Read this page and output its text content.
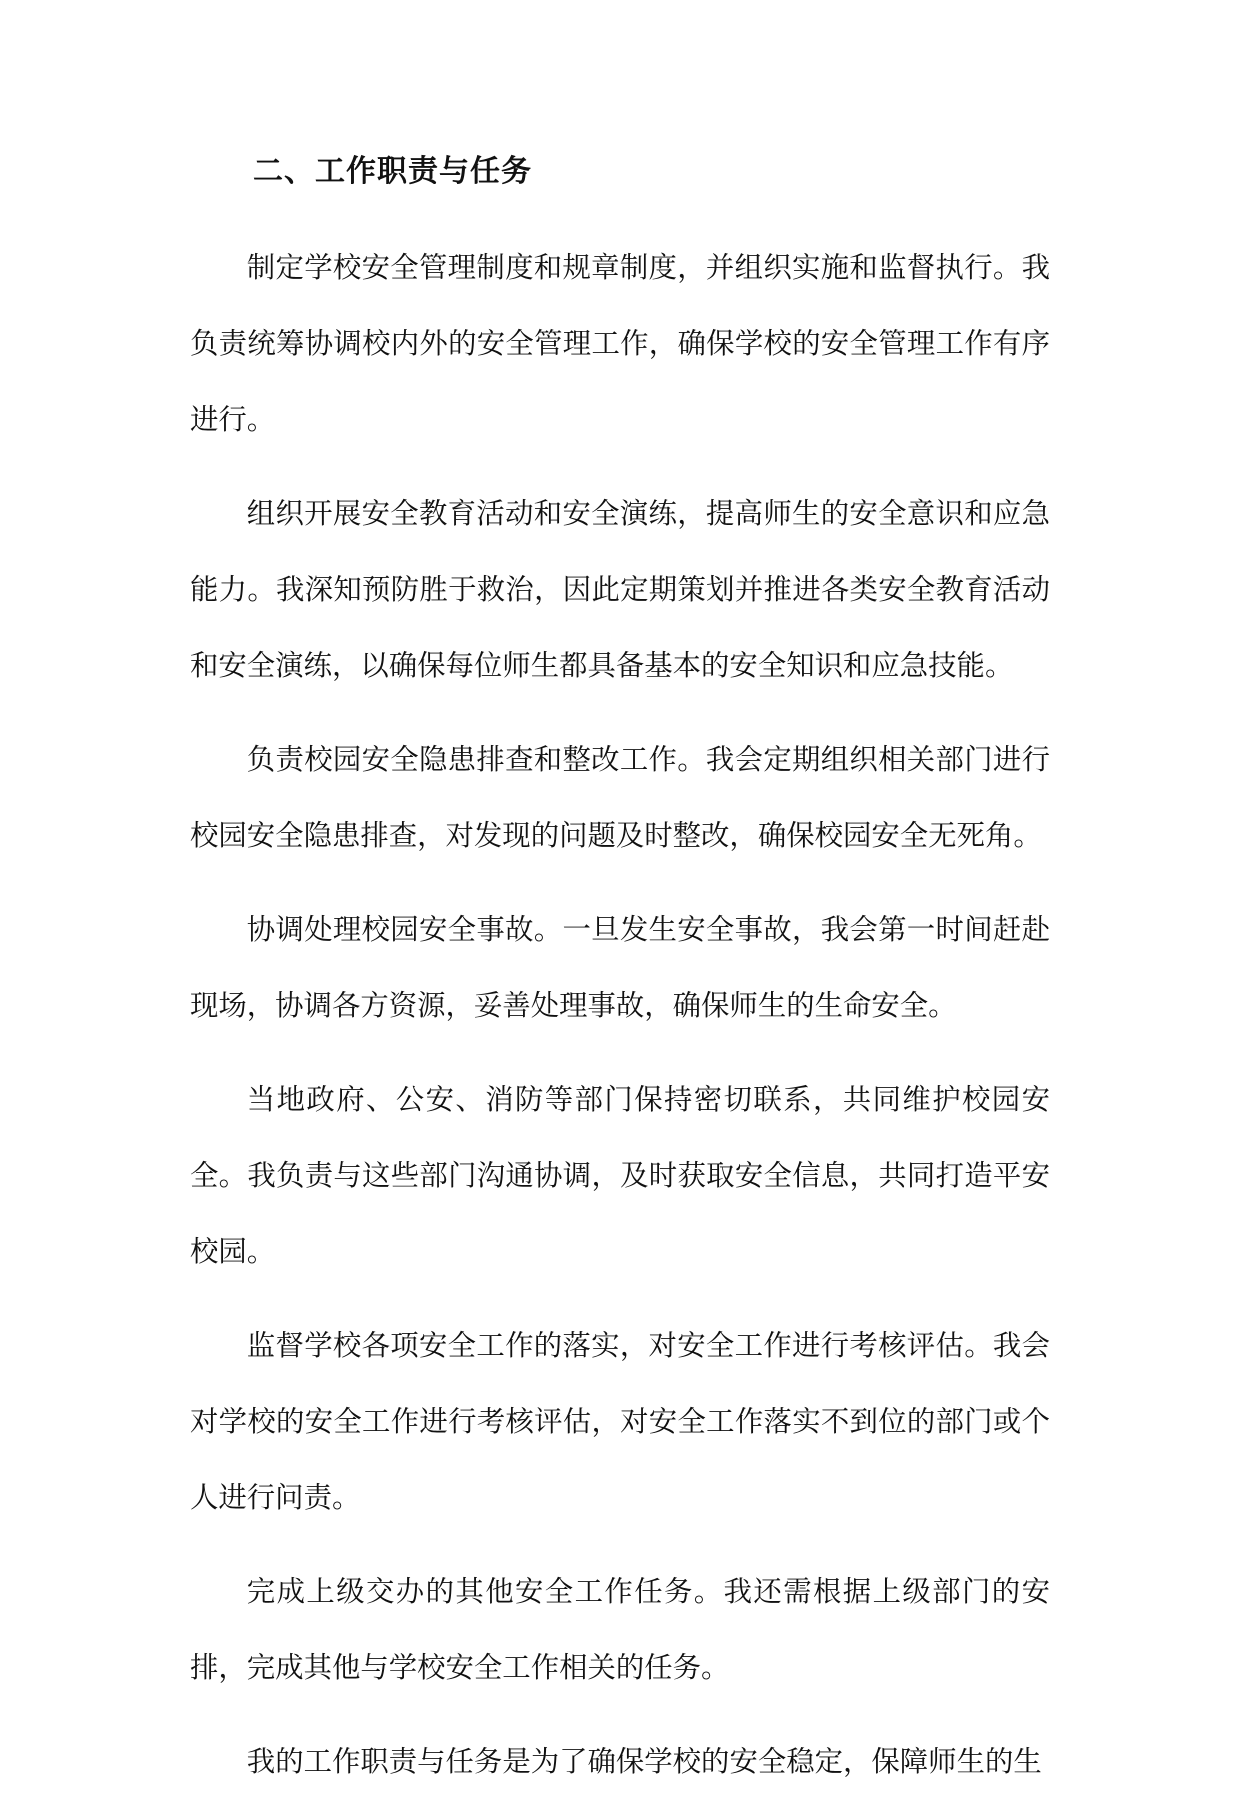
二、工作职责与任务

制定学校安全管理制度和规章制度，并组织实施和监督执行。我负责统筹协调校内外的安全管理工作，确保学校的安全管理工作有序进行。

组织开展安全教育活动和安全演练，提高师生的安全意识和应急能力。我深知预防胜于救治，因此定期策划并推进各类安全教育活动和安全演练，以确保每位师生都具备基本的安全知识和应急技能。

负责校园安全隐患排查和整改工作。我会定期组织相关部门进行校园安全隐患排查，对发现的问题及时整改，确保校园安全无死角。

协调处理校园安全事故。一旦发生安全事故，我会第一时间赶赴现场，协调各方资源，妥善处理事故，确保师生的生命安全。

当地政府、公安、消防等部门保持密切联系，共同维护校园安全。我负责与这些部门沟通协调，及时获取安全信息，共同打造平安校园。

监督学校各项安全工作的落实，对安全工作进行考核评估。我会对学校的安全工作进行考核评估，对安全工作落实不到位的部门或个人进行问责。

完成上级交办的其他安全工作任务。我还需根据上级部门的安排，完成其他与学校安全工作相关的任务。

我的工作职责与任务是为了确保学校的安全稳定，保障师生的生
